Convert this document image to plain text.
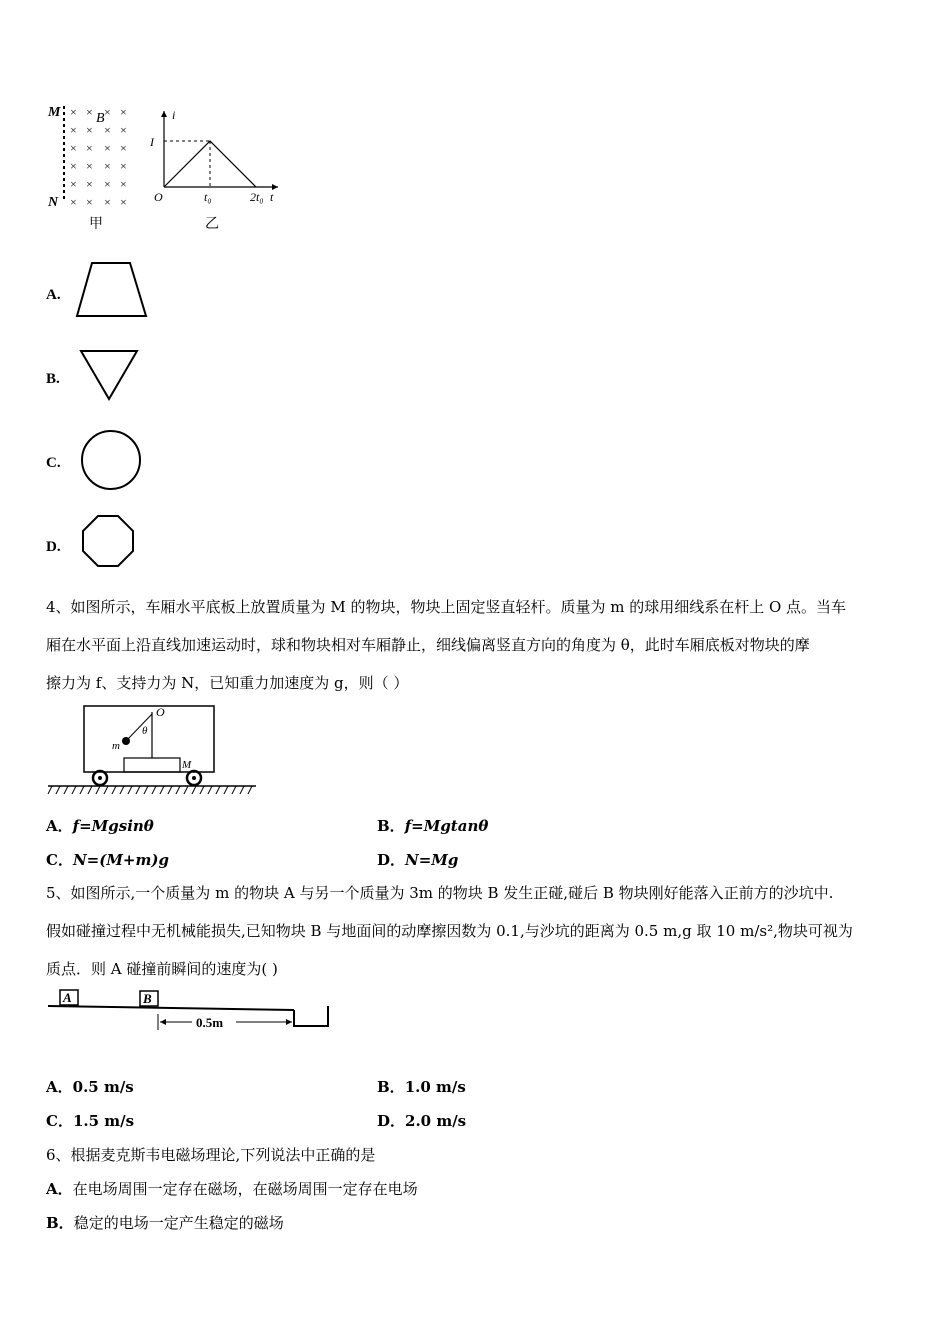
× × × ×
× × × ×
× × × ×
× × × ×
× × × ×
× × × ×
M
N
B
甲
i
t
O
I
t₀	2t₀
乙
A.
B.
C.
D.
4、如图所示，车厢水平底板上放置质量为 M 的物块，物块上固定竖直轻杆。质量为 m 的球用细线系在杆上 O 点。当车
厢在水平面上沿直线加速运动时，球和物块相对车厢静止，细线偏离竖直方向的角度为 θ，此时车厢底板对物块的摩
擦力为 f、支持力为 N，已知重力加速度为 g，则（ ）
O
θ
m
M
A．f=Mgsinθ	B．f=Mgtanθ
C．N=(M+m)g	D．N=Mg
5、如图所示,一个质量为 m 的物块 A 与另一个质量为 3m 的物块 B 发生正碰,碰后 B 物块刚好能落入正前方的沙坑中.
假如碰撞过程中无机械能损失,已知物块 B 与地面间的动摩擦因数为 0.1,与沙坑的距离为 0.5 m,g 取 10 m/s²,物块可视为
质点．则 A 碰撞前瞬间的速度为( )
A	B
0.5m
A．0.5 m/s	B．1.0 m/s
C．1.5 m/s	D．2.0 m/s
6、根据麦克斯韦电磁场理论,下列说法中正确的是
A．在电场周围一定存在磁场，在磁场周围一定存在电场
B．稳定的电场一定产生稳定的磁场
